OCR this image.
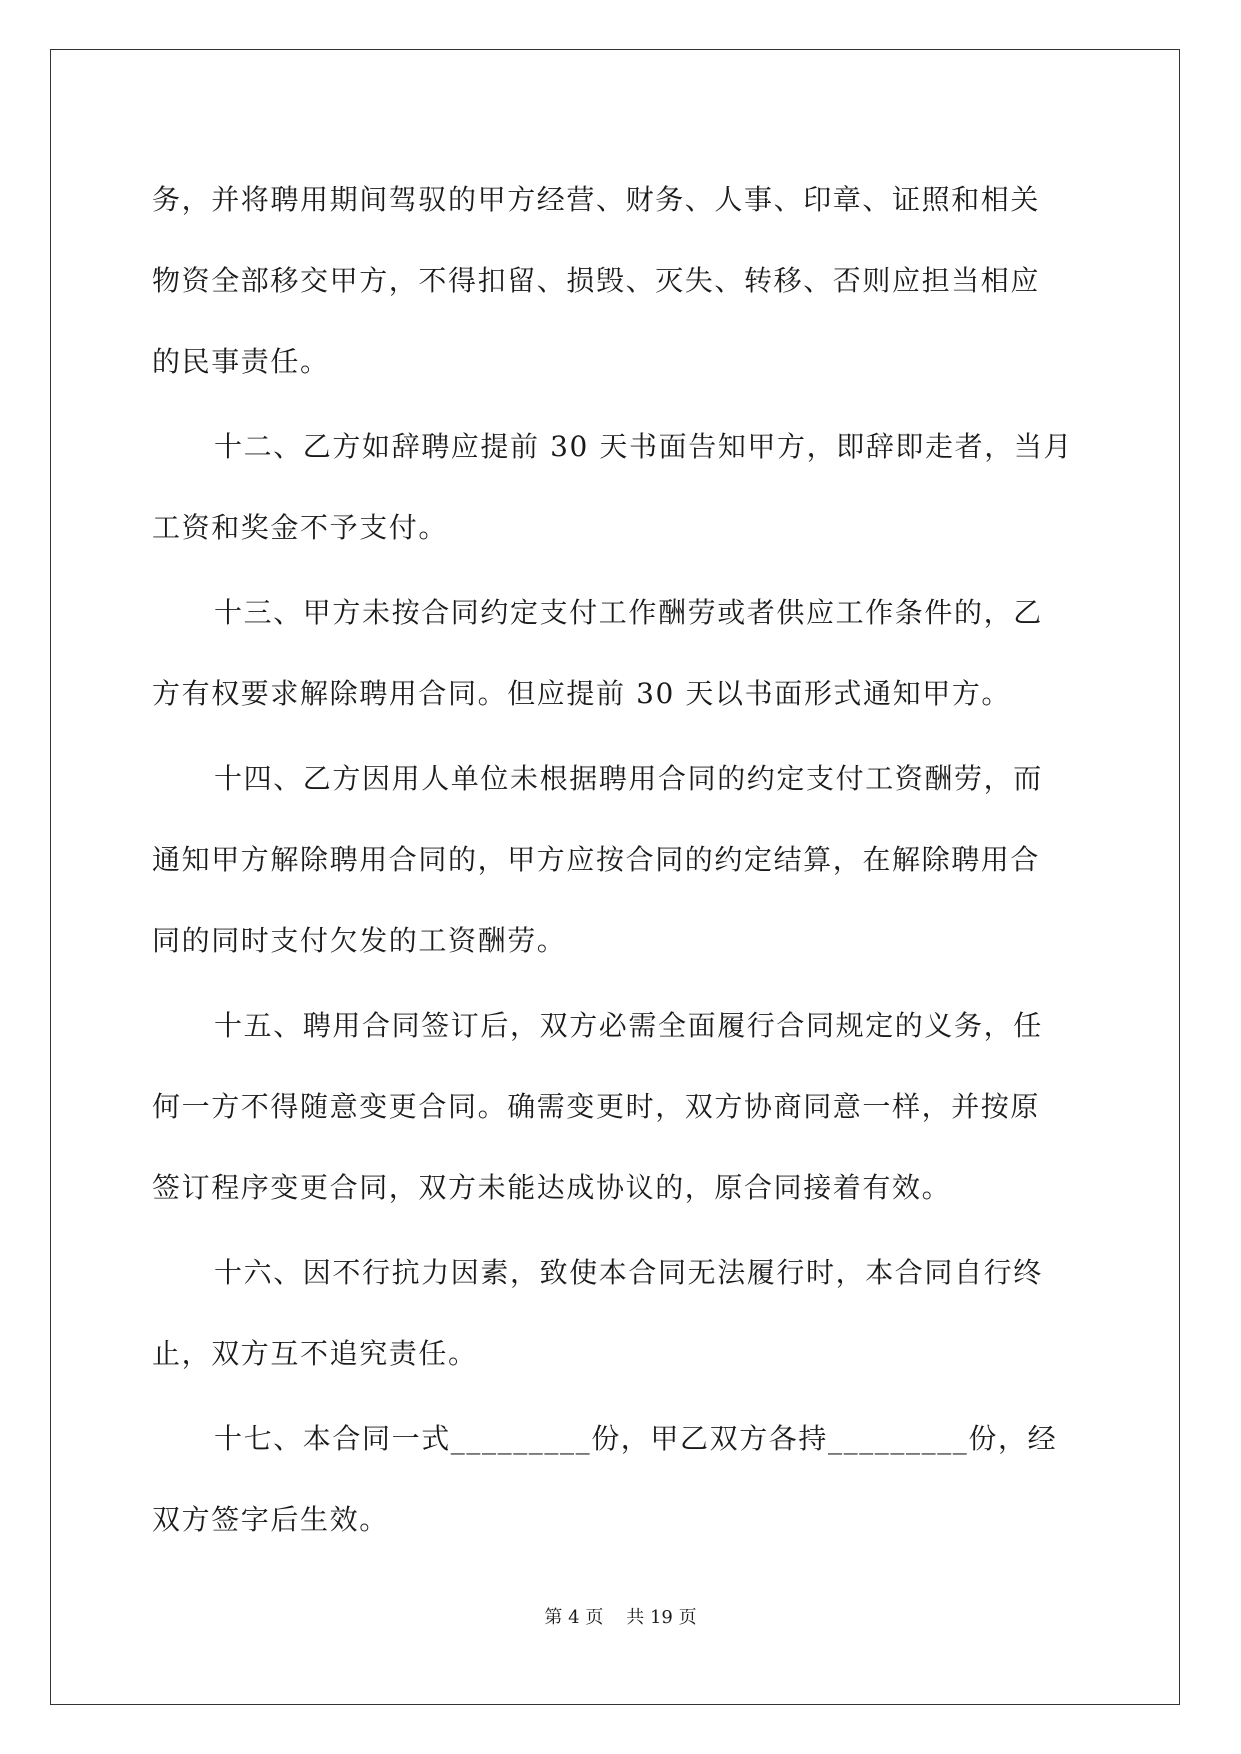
务，并将聘用期间驾驭的甲方经营、财务、人事、印章、证照和相关
物资全部移交甲方，不得扣留、损毁、灭失、转移、否则应担当相应
的民事责任。

十二、乙方如辞聘应提前 30 天书面告知甲方，即辞即走者，当月
工资和奖金不予支付。

十三、甲方未按合同约定支付工作酬劳或者供应工作条件的，乙
方有权要求解除聘用合同。但应提前 30 天以书面形式通知甲方。

十四、乙方因用人单位未根据聘用合同的约定支付工资酬劳，而
通知甲方解除聘用合同的，甲方应按合同的约定结算，在解除聘用合
同的同时支付欠发的工资酬劳。

十五、聘用合同签订后，双方必需全面履行合同规定的义务，任
何一方不得随意变更合同。确需变更时，双方协商同意一样，并按原
签订程序变更合同，双方未能达成协议的，原合同接着有效。

十六、因不行抗力因素，致使本合同无法履行时，本合同自行终
止，双方互不追究责任。

十七、本合同一式_________份，甲乙双方各持_________份，经
双方签字后生效。

第 4 页 共 19 页
